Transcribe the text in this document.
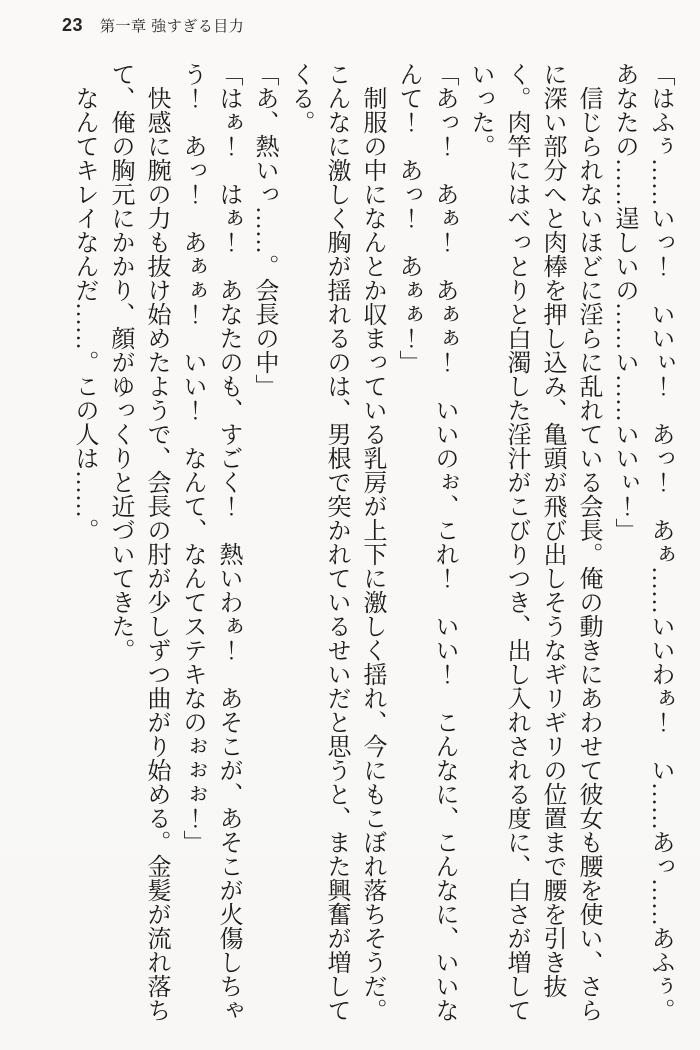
23 第一章 強すぎる目力

「はふぅ……いっ！　いいぃ！　あっ！　あぁ……いいわぁ！　い……あっ……あふぅ。あなたの……逞しいの……い……いいぃ！」

信じられないほどに淫らに乱れている会長。俺の動きにあわせて彼女も腰を使い、さらに深い部分へと肉棒を押し込み、亀頭が飛び出しそうなギリギリの位置まで腰を引き抜く。肉竿にはべっとりと白濁した淫汁がこびりつき、出し入れされる度に、白さが増していった。

「あっ！　あぁ！　あぁぁ！　いいのぉ、これ！　いい！　こんなに、こんなに、いいなんて！　あっ！　あぁぁ！」

制服の中になんとか収まっている乳房が上下に激しく揺れ、今にもこぼれ落ちそうだ。こんなに激しく胸が揺れるのは、男根で突かれているせいだと思うと、また興奮が増してくる。

「あ、熱いっ……。会長の中」

「はぁ！　はぁ！　あなたのも、すごく！　熱いわぁ！　あそこが、あそこが火傷しちゃう！　あっ！　あぁぁ！　いい！　なんて、なんてステキなのぉぉぉ！」

快感に腕の力も抜け始めたようで、会長の肘が少しずつ曲がり始める。金髪が流れ落ちて、俺の胸元にかかり、顔がゆっくりと近づいてきた。

なんてキレイなんだ……。この人は……。
